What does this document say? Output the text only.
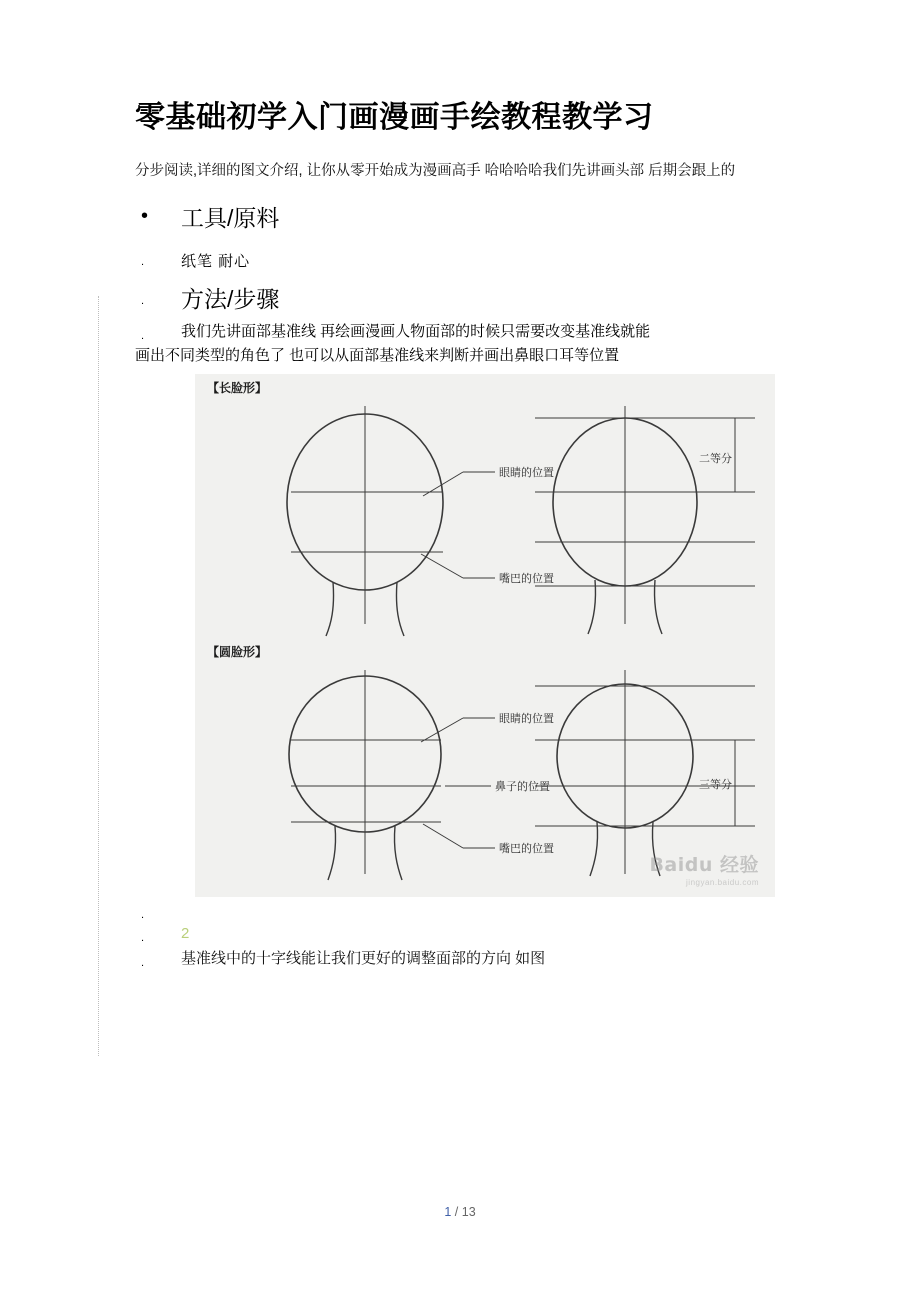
零基础初学入门画漫画手绘教程教学习
分步阅读,详细的图文介绍, 让你从零开始成为漫画高手 哈哈哈哈我们先讲画头部 后期会跟上的
•	工具/原料
.	纸笔 耐心
.	方法/步骤
.	我们先讲面部基准线 再绘画漫画人物面部的时候只需要改变基准线就能
画出不同类型的角色了 也可以从面部基准线来判断并画出鼻眼口耳等位置
【长脸形】
眼睛的位置
嘴巴的位置
二等分
【圆脸形】
眼睛的位置
鼻子的位置
嘴巴的位置
三等分
Baidu 经验
jingyan.baidu.com
.
.	2
.	基准线中的十字线能让我们更好的调整面部的方向 如图
1 / 13
